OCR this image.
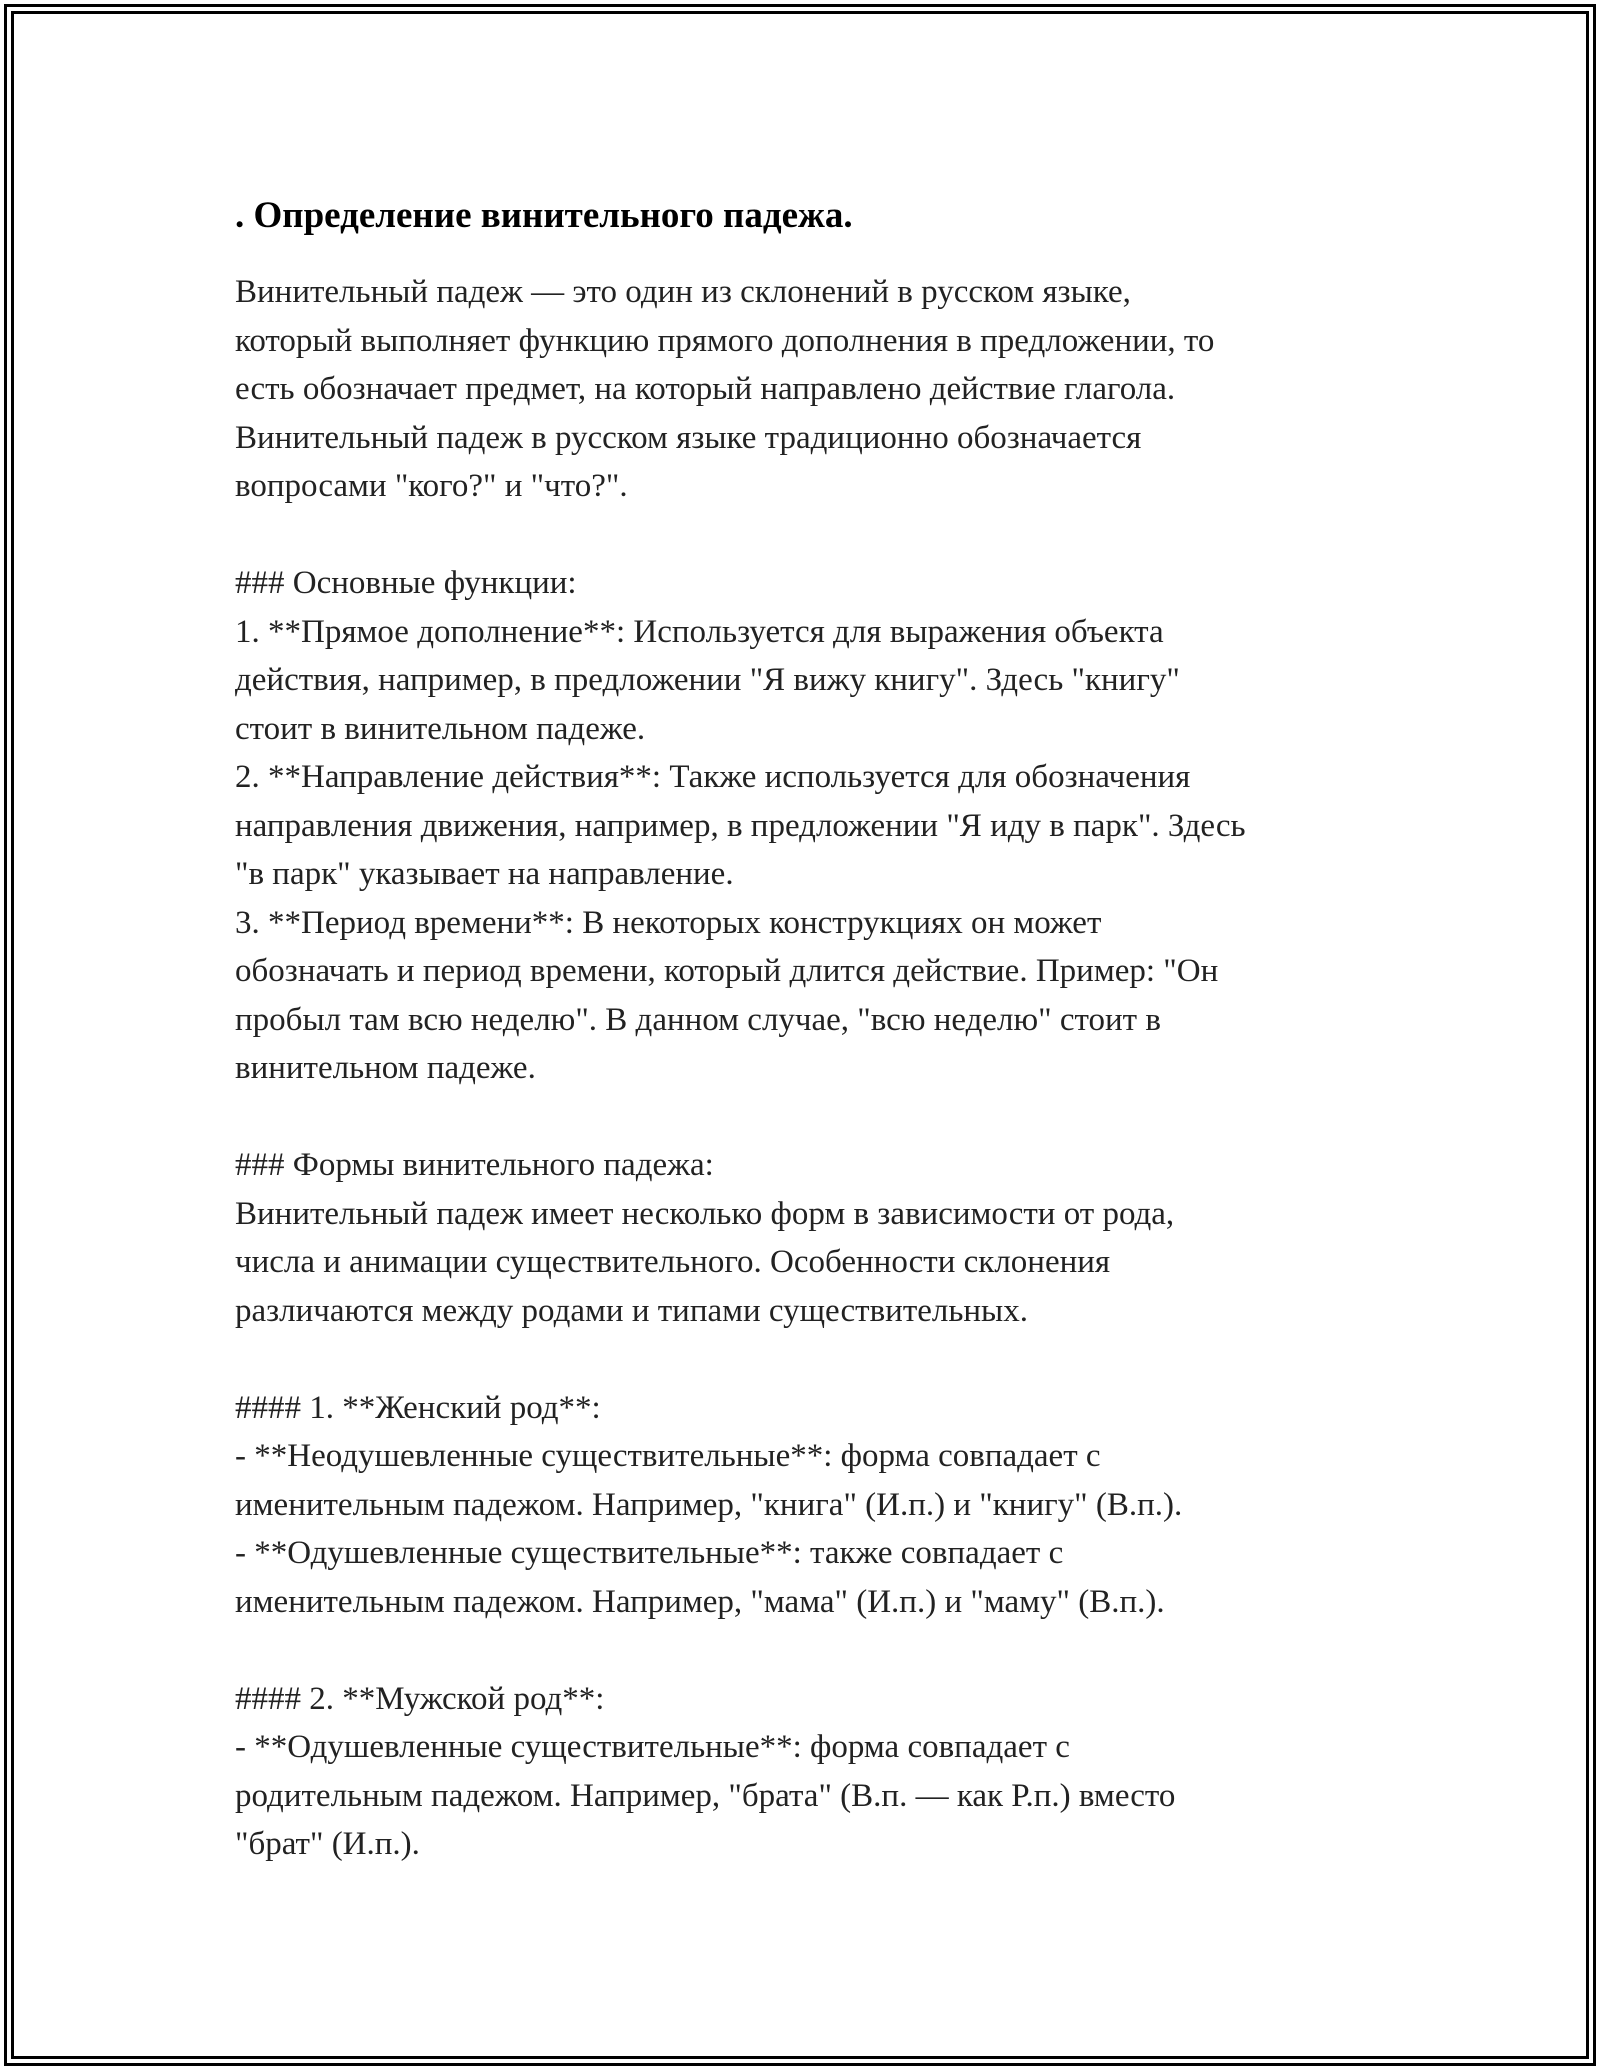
. Определение винительного падежа.

Винительный падеж — это один из склонений в русском языке,
который выполняет функцию прямого дополнения в предложении, то
есть обозначает предмет, на который направлено действие глагола.
Винительный падеж в русском языке традиционно обозначается
вопросами "кого?" и "что?".

### Основные функции:
1. **Прямое дополнение**: Используется для выражения объекта
действия, например, в предложении "Я вижу книгу". Здесь "книгу"
стоит в винительном падеже.
2. **Направление действия**: Также используется для обозначения
направления движения, например, в предложении "Я иду в парк". Здесь
"в парк" указывает на направление.
3. **Период времени**: В некоторых конструкциях он может
обозначать и период времени, который длится действие. Пример: "Он
пробыл там всю неделю". В данном случае, "всю неделю" стоит в
винительном падеже.

### Формы винительного падежа:
Винительный падеж имеет несколько форм в зависимости от рода,
числа и анимации существительного. Особенности склонения
различаются между родами и типами существительных.

#### 1. **Женский род**:
- **Неодушевленные существительные**: форма совпадает с
именительным падежом. Например, "книга" (И.п.) и "книгу" (В.п.).
- **Одушевленные существительные**: также совпадает с
именительным падежом. Например, "мама" (И.п.) и "маму" (В.п.).

#### 2. **Мужской род**:
- **Одушевленные существительные**: форма совпадает с
родительным падежом. Например, "брата" (В.п. — как Р.п.) вместо
"брат" (И.п.).
